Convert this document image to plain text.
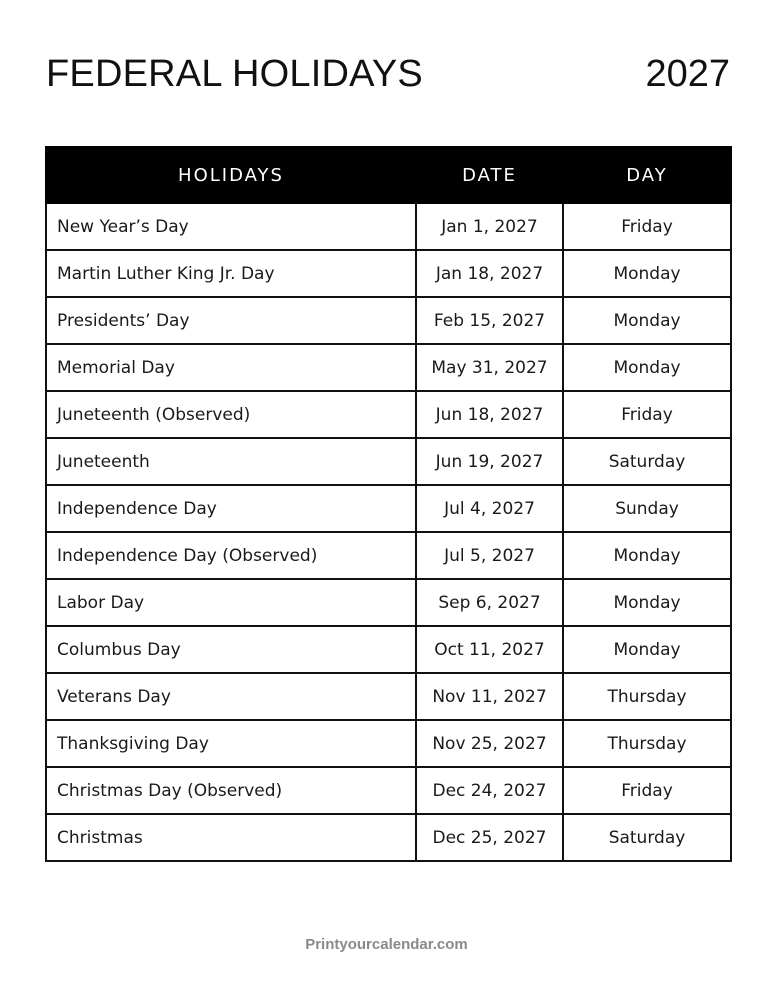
FEDERAL HOLIDAYS	2027
HOLIDAYS	DATE	DAY
New Year’s Day	Jan 1, 2027	Friday
Martin Luther King Jr. Day	Jan 18, 2027	Monday
Presidents’ Day	Feb 15, 2027	Monday
Memorial Day	May 31, 2027	Monday
Juneteenth (Observed)	Jun 18, 2027	Friday
Juneteenth	Jun 19, 2027	Saturday
Independence Day	Jul 4, 2027	Sunday
Independence Day (Observed)	Jul 5, 2027	Monday
Labor Day	Sep 6, 2027	Monday
Columbus Day	Oct 11, 2027	Monday
Veterans Day	Nov 11, 2027	Thursday
Thanksgiving Day	Nov 25, 2027	Thursday
Christmas Day (Observed)	Dec 24, 2027	Friday
Christmas	Dec 25, 2027	Saturday
Printyourcalendar.com
